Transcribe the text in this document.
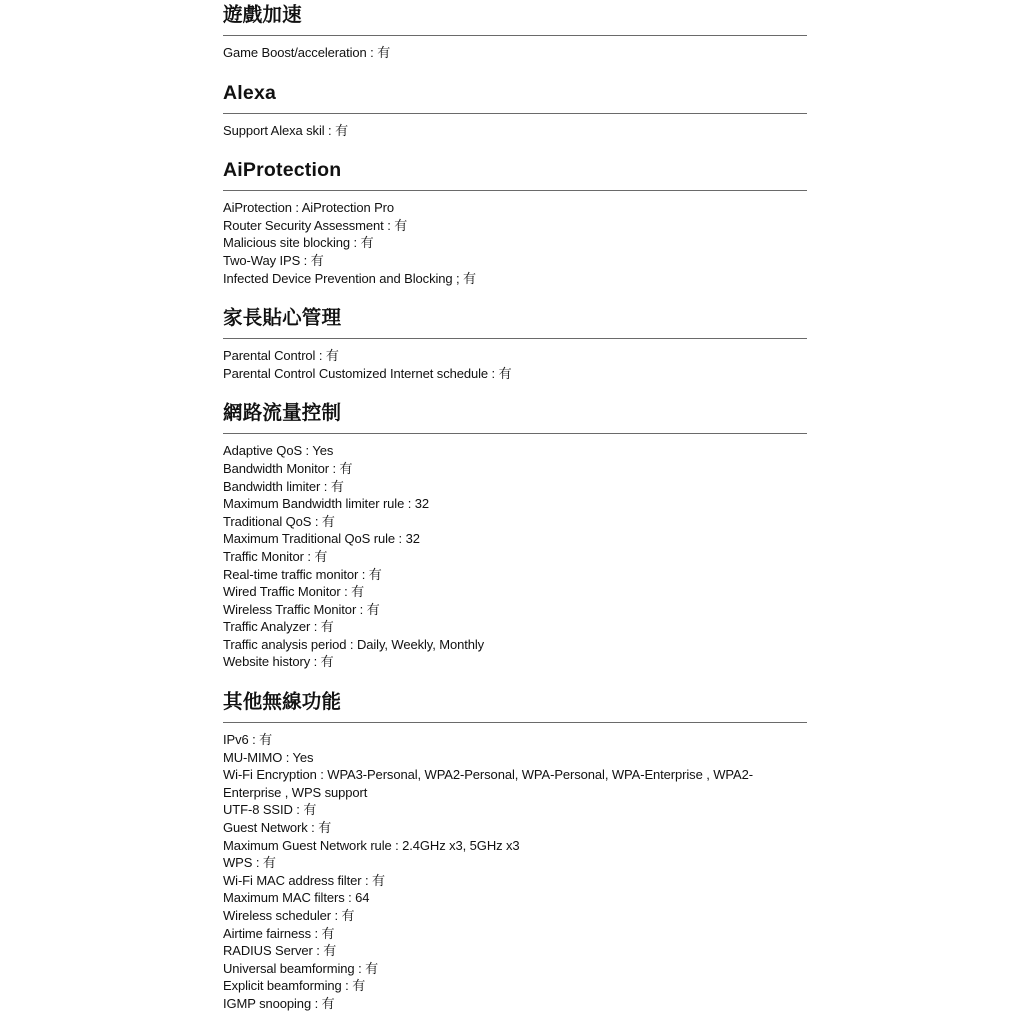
遊戲加速
Game Boost/acceleration : 有
Alexa
Support Alexa skil : 有
AiProtection
AiProtection : AiProtection Pro
Router Security Assessment : 有
Malicious site blocking : 有
Two-Way IPS : 有
Infected Device Prevention and Blocking ; 有
家長貼心管理
Parental Control : 有
Parental Control Customized Internet schedule : 有
網路流量控制
Adaptive QoS : Yes
Bandwidth Monitor : 有
Bandwidth limiter : 有
Maximum Bandwidth limiter rule : 32
Traditional QoS : 有
Maximum Traditional QoS rule : 32
Traffic Monitor : 有
Real-time traffic monitor : 有
Wired Traffic Monitor : 有
Wireless Traffic Monitor : 有
Traffic Analyzer : 有
Traffic analysis period : Daily, Weekly, Monthly
Website history : 有
其他無線功能
IPv6 : 有
MU-MIMO : Yes
Wi-Fi Encryption : WPA3-Personal, WPA2-Personal, WPA-Personal, WPA-Enterprise , WPA2-
Enterprise , WPS support
UTF-8 SSID : 有
Guest Network : 有
Maximum Guest Network rule : 2.4GHz x3, 5GHz x3
WPS : 有
Wi-Fi MAC address filter : 有
Maximum MAC filters : 64
Wireless scheduler : 有
Airtime fairness : 有
RADIUS Server : 有
Universal beamforming : 有
Explicit beamforming : 有
IGMP snooping : 有
